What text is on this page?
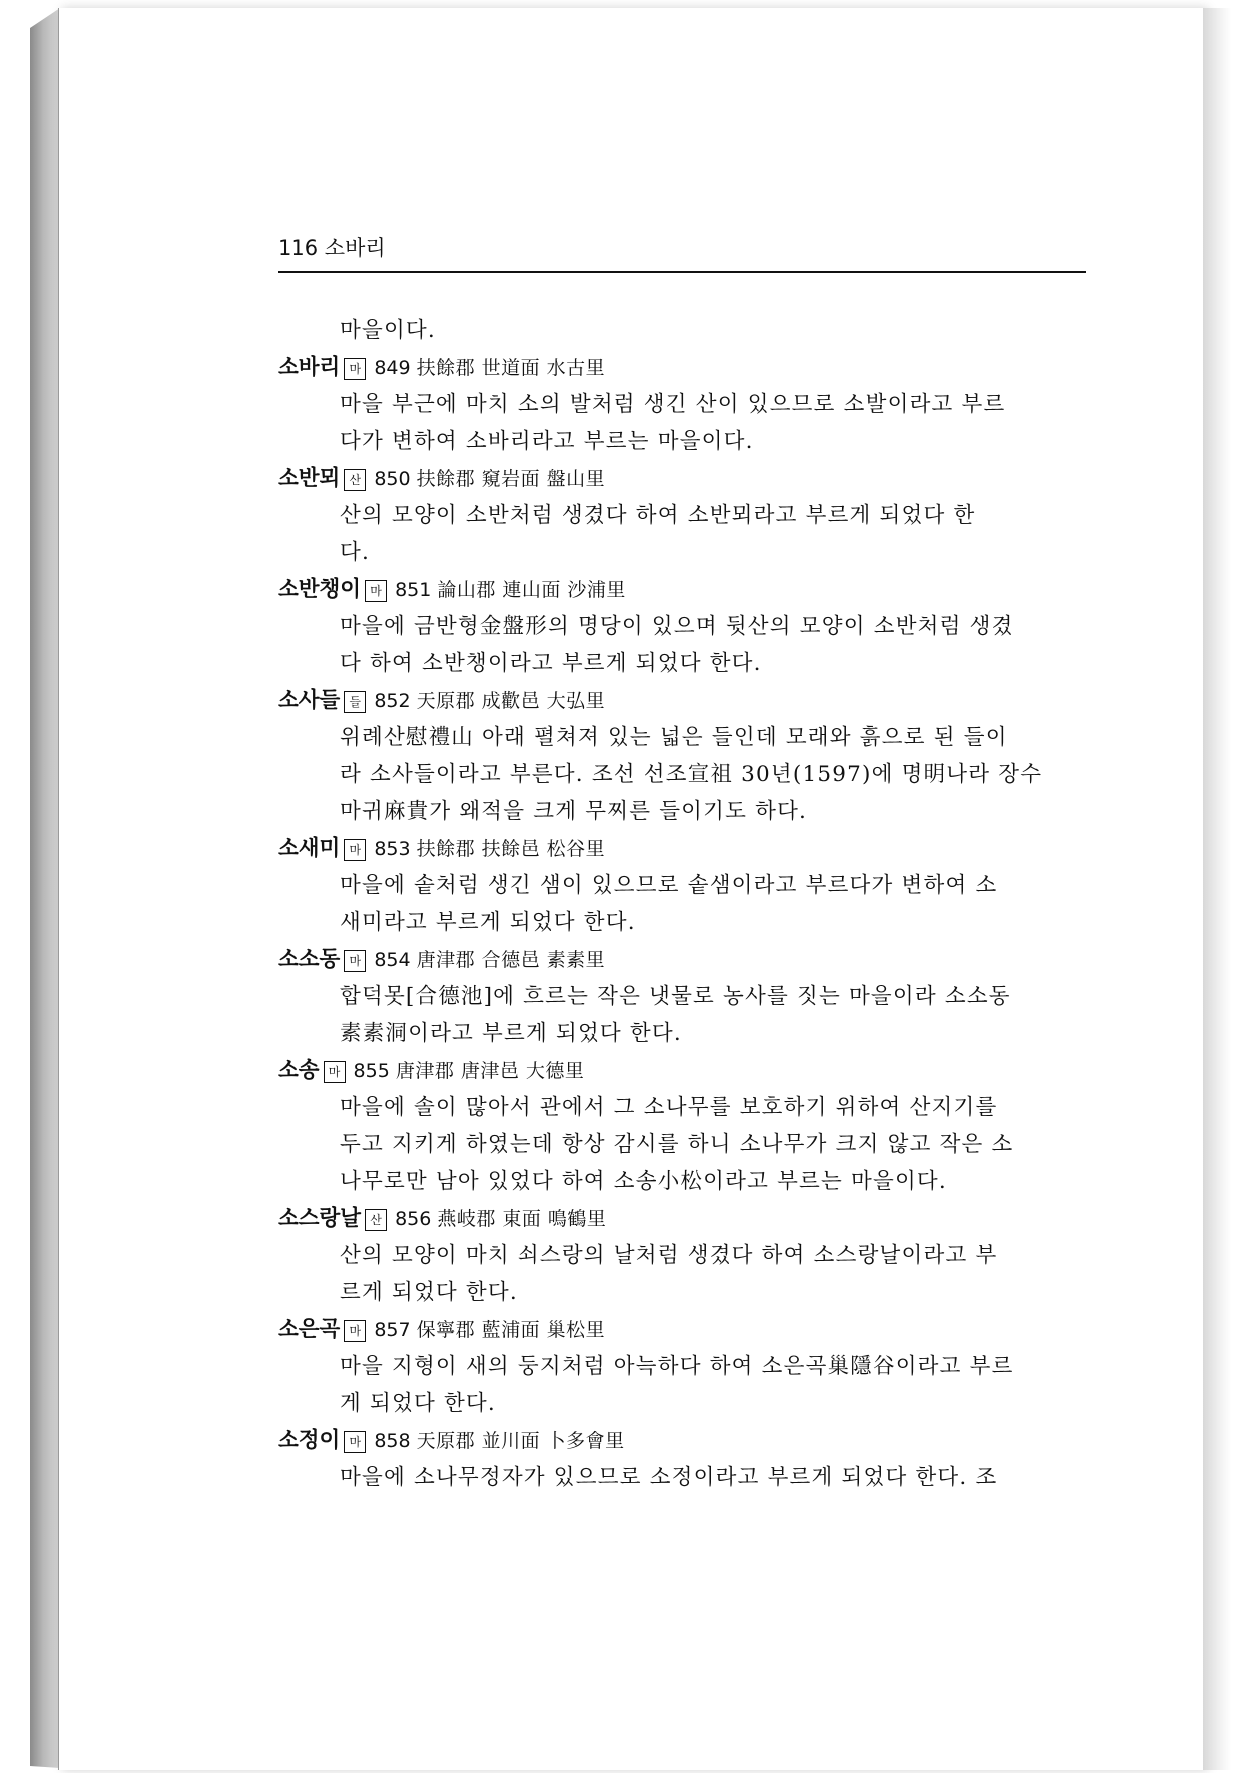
116 소바리
마을이다.
소바리 마 849 扶餘郡 世道面 水古里
마을 부근에 마치 소의 발처럼 생긴 산이 있으므로 소발이라고 부르
다가 변하여 소바리라고 부르는 마을이다.
소반뫼 산 850 扶餘郡 窺岩面 盤山里
산의 모양이 소반처럼 생겼다 하여 소반뫼라고 부르게 되었다 한
다.
소반챙이 마 851 論山郡 連山面 沙浦里
마을에 금반형金盤形의 명당이 있으며 뒷산의 모양이 소반처럼 생겼
다 하여 소반챙이라고 부르게 되었다 한다.
소사들 들 852 天原郡 成歡邑 大弘里
위례산慰禮山 아래 펼쳐져 있는 넓은 들인데 모래와 흙으로 된 들이
라 소사들이라고 부른다. 조선 선조宣祖 30년(1597)에 명明나라 장수
마귀麻貴가 왜적을 크게 무찌른 들이기도 하다.
소새미 마 853 扶餘郡 扶餘邑 松谷里
마을에 솥처럼 생긴 샘이 있으므로 솥샘이라고 부르다가 변하여 소
새미라고 부르게 되었다 한다.
소소동 마 854 唐津郡 合德邑 素素里
합덕못[合德池]에 흐르는 작은 냇물로 농사를 짓는 마을이라 소소동
素素洞이라고 부르게 되었다 한다.
소송 마 855 唐津郡 唐津邑 大德里
마을에 솔이 많아서 관에서 그 소나무를 보호하기 위하여 산지기를
두고 지키게 하였는데 항상 감시를 하니 소나무가 크지 않고 작은 소
나무로만 남아 있었다 하여 소송小松이라고 부르는 마을이다.
소스랑날 산 856 燕岐郡 東面 鳴鶴里
산의 모양이 마치 쇠스랑의 날처럼 생겼다 하여 소스랑날이라고 부
르게 되었다 한다.
소은곡 마 857 保寧郡 藍浦面 巢松里
마을 지형이 새의 둥지처럼 아늑하다 하여 소은곡巢隱谷이라고 부르
게 되었다 한다.
소정이 마 858 天原郡 並川面 卜多會里
마을에 소나무정자가 있으므로 소정이라고 부르게 되었다 한다. 조
